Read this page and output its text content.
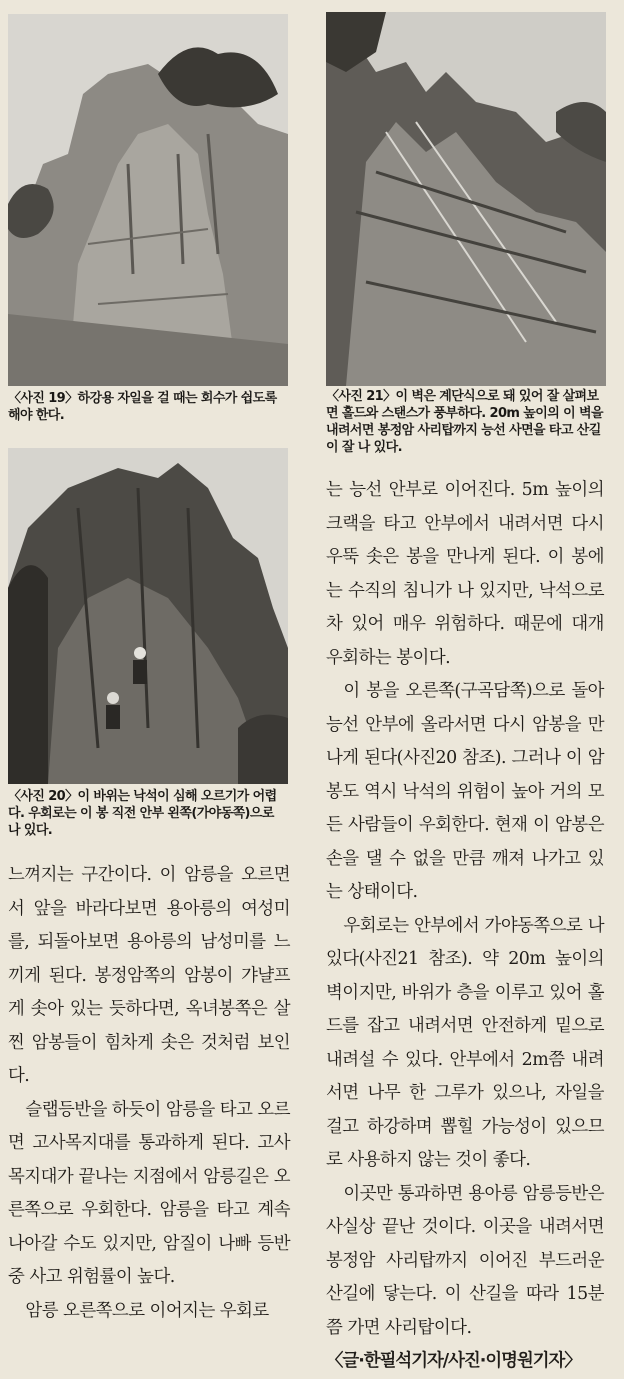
〈사진 19〉하강용 자일을 걸 때는 회수가 쉽도록 해야 한다.
〈사진 21〉이 벽은 계단식으로 돼 있어 잘 살펴보면 홀드와 스탠스가 풍부하다. 20m 높이의 이 벽을 내려서면 봉정암 사리탑까지 능선 사면을 타고 산길이 잘 나 있다.
〈사진 20〉이 바위는 낙석이 심해 오르기가 어렵다. 우회로는 이 봉 직전 안부 왼쪽(가야동쪽)으로 나 있다.

느껴지는 구간이다. 이 암릉을 오르면서 앞을 바라다보면 용아릉의 여성미를, 되돌아보면 용아릉의 남성미를 느끼게 된다. 봉정암쪽의 암봉이 갸냘프게 솟아 있는 듯하다면, 옥녀봉쪽은 살찐 암봉들이 힘차게 솟은 것처럼 보인다.

슬랩등반을 하듯이 암릉을 타고 오르면 고사목지대를 통과하게 된다. 고사목지대가 끝나는 지점에서 암릉길은 오른쪽으로 우회한다. 암릉을 타고 계속 나아갈 수도 있지만, 암질이 나빠 등반중 사고 위험률이 높다.

암릉 오른쪽으로 이어지는 우회로

는 능선 안부로 이어진다. 5m 높이의 크랙을 타고 안부에서 내려서면 다시 우뚝 솟은 봉을 만나게 된다. 이 봉에는 수직의 침니가 나 있지만, 낙석으로 차 있어 매우 위험하다. 때문에 대개 우회하는 봉이다.

이 봉을 오른쪽(구곡담쪽)으로 돌아 능선 안부에 올라서면 다시 암봉을 만나게 된다(사진20 참조). 그러나 이 암봉도 역시 낙석의 위험이 높아 거의 모든 사람들이 우회한다. 현재 이 암봉은 손을 댈 수 없을 만큼 깨져 나가고 있는 상태이다.

우회로는 안부에서 가야동쪽으로 나 있다(사진21 참조). 약 20m 높이의 벽이지만, 바위가 층을 이루고 있어 홀드를 잡고 내려서면 안전하게 밑으로 내려설 수 있다. 안부에서 2m쯤 내려서면 나무 한 그루가 있으나, 자일을 걸고 하강하며 뽑힐 가능성이 있으므로 사용하지 않는 것이 좋다.

이곳만 통과하면 용아릉 암릉등반은 사실상 끝난 것이다. 이곳을 내려서면 봉정암 사리탑까지 이어진 부드러운 산길에 닿는다. 이 산길을 따라 15분쯤 가면 사리탑이다.

〈글·한필석기자/사진·이명원기자〉
